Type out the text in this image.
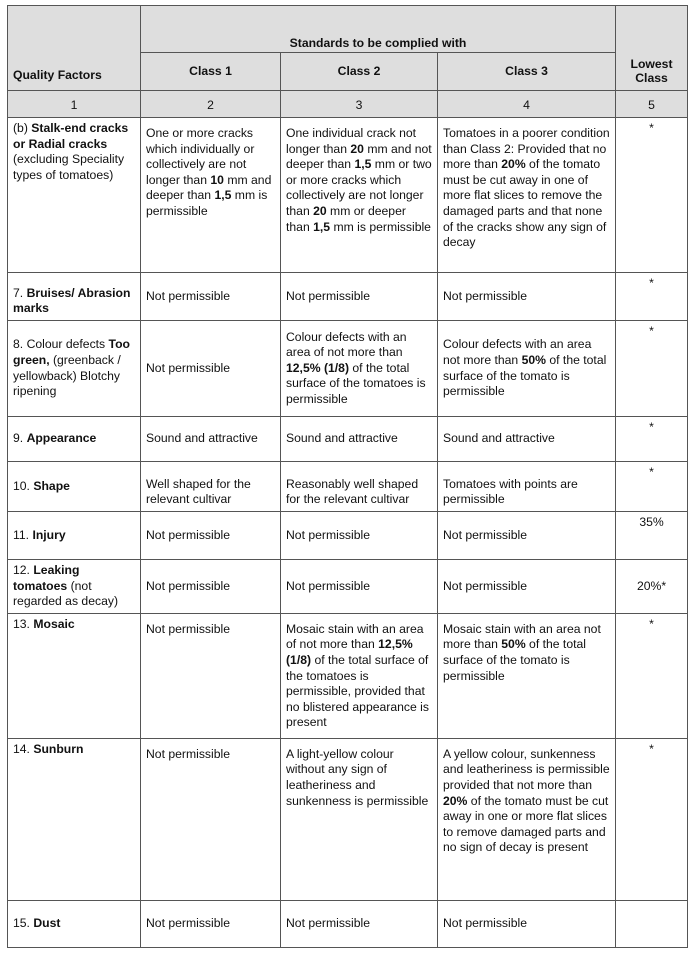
Quality Factors	Standards to be complied with			
	Class 1	Class 2	Class 3	Lowest Class
1	2	3	4	5
(b) Stalk-end cracks or Radial cracks (excluding Speciality types of tomatoes)	One or more cracks which individually or collectively are not longer than 10 mm and deeper than 1,5 mm is permissible	One individual crack not longer than 20 mm and not deeper than 1,5 mm or two or more cracks which collectively are not longer than 20 mm or deeper than 1,5 mm is permissible	Tomatoes in a poorer condition than Class 2: Provided that no more than 20% of the tomato must be cut away in one of more flat slices to remove the damaged parts and that none of the cracks show any sign of decay	*
7. Bruises/ Abrasion marks	Not permissible	Not permissible	Not permissible	*
8. Colour defects Too green, (greenback / yellowback) Blotchy ripening	Not permissible	Colour defects with an area of not more than 12,5% (1/8) of the total surface of the tomatoes is permissible	Colour defects with an area not more than 50% of the total surface of the tomato is permissible	*
9. Appearance	Sound and attractive	Sound and attractive	Sound and attractive	*
10. Shape	Well shaped for the relevant cultivar	Reasonably well shaped for the relevant cultivar	Tomatoes with points are permissible	*
11. Injury	Not permissible	Not permissible	Not permissible	35%
12. Leaking tomatoes (not regarded as decay)	Not permissible	Not permissible	Not permissible	20%*
13. Mosaic	Not permissible	Mosaic stain with an area of not more than 12,5% (1/8) of the total surface of the tomatoes is permissible, provided that no blistered appearance is present	Mosaic stain with an area not more than 50% of the total surface of the tomato is permissible	*
14. Sunburn	Not permissible	A light-yellow colour without any sign of leatheriness and sunkenness is permissible	A yellow colour, sunkenness and leatheriness is permissible provided that not more than 20% of the tomato must be cut away in one or more flat slices to remove damaged parts and no sign of decay is present	*
15. Dust	Not permissible	Not permissible	Not permissible	
